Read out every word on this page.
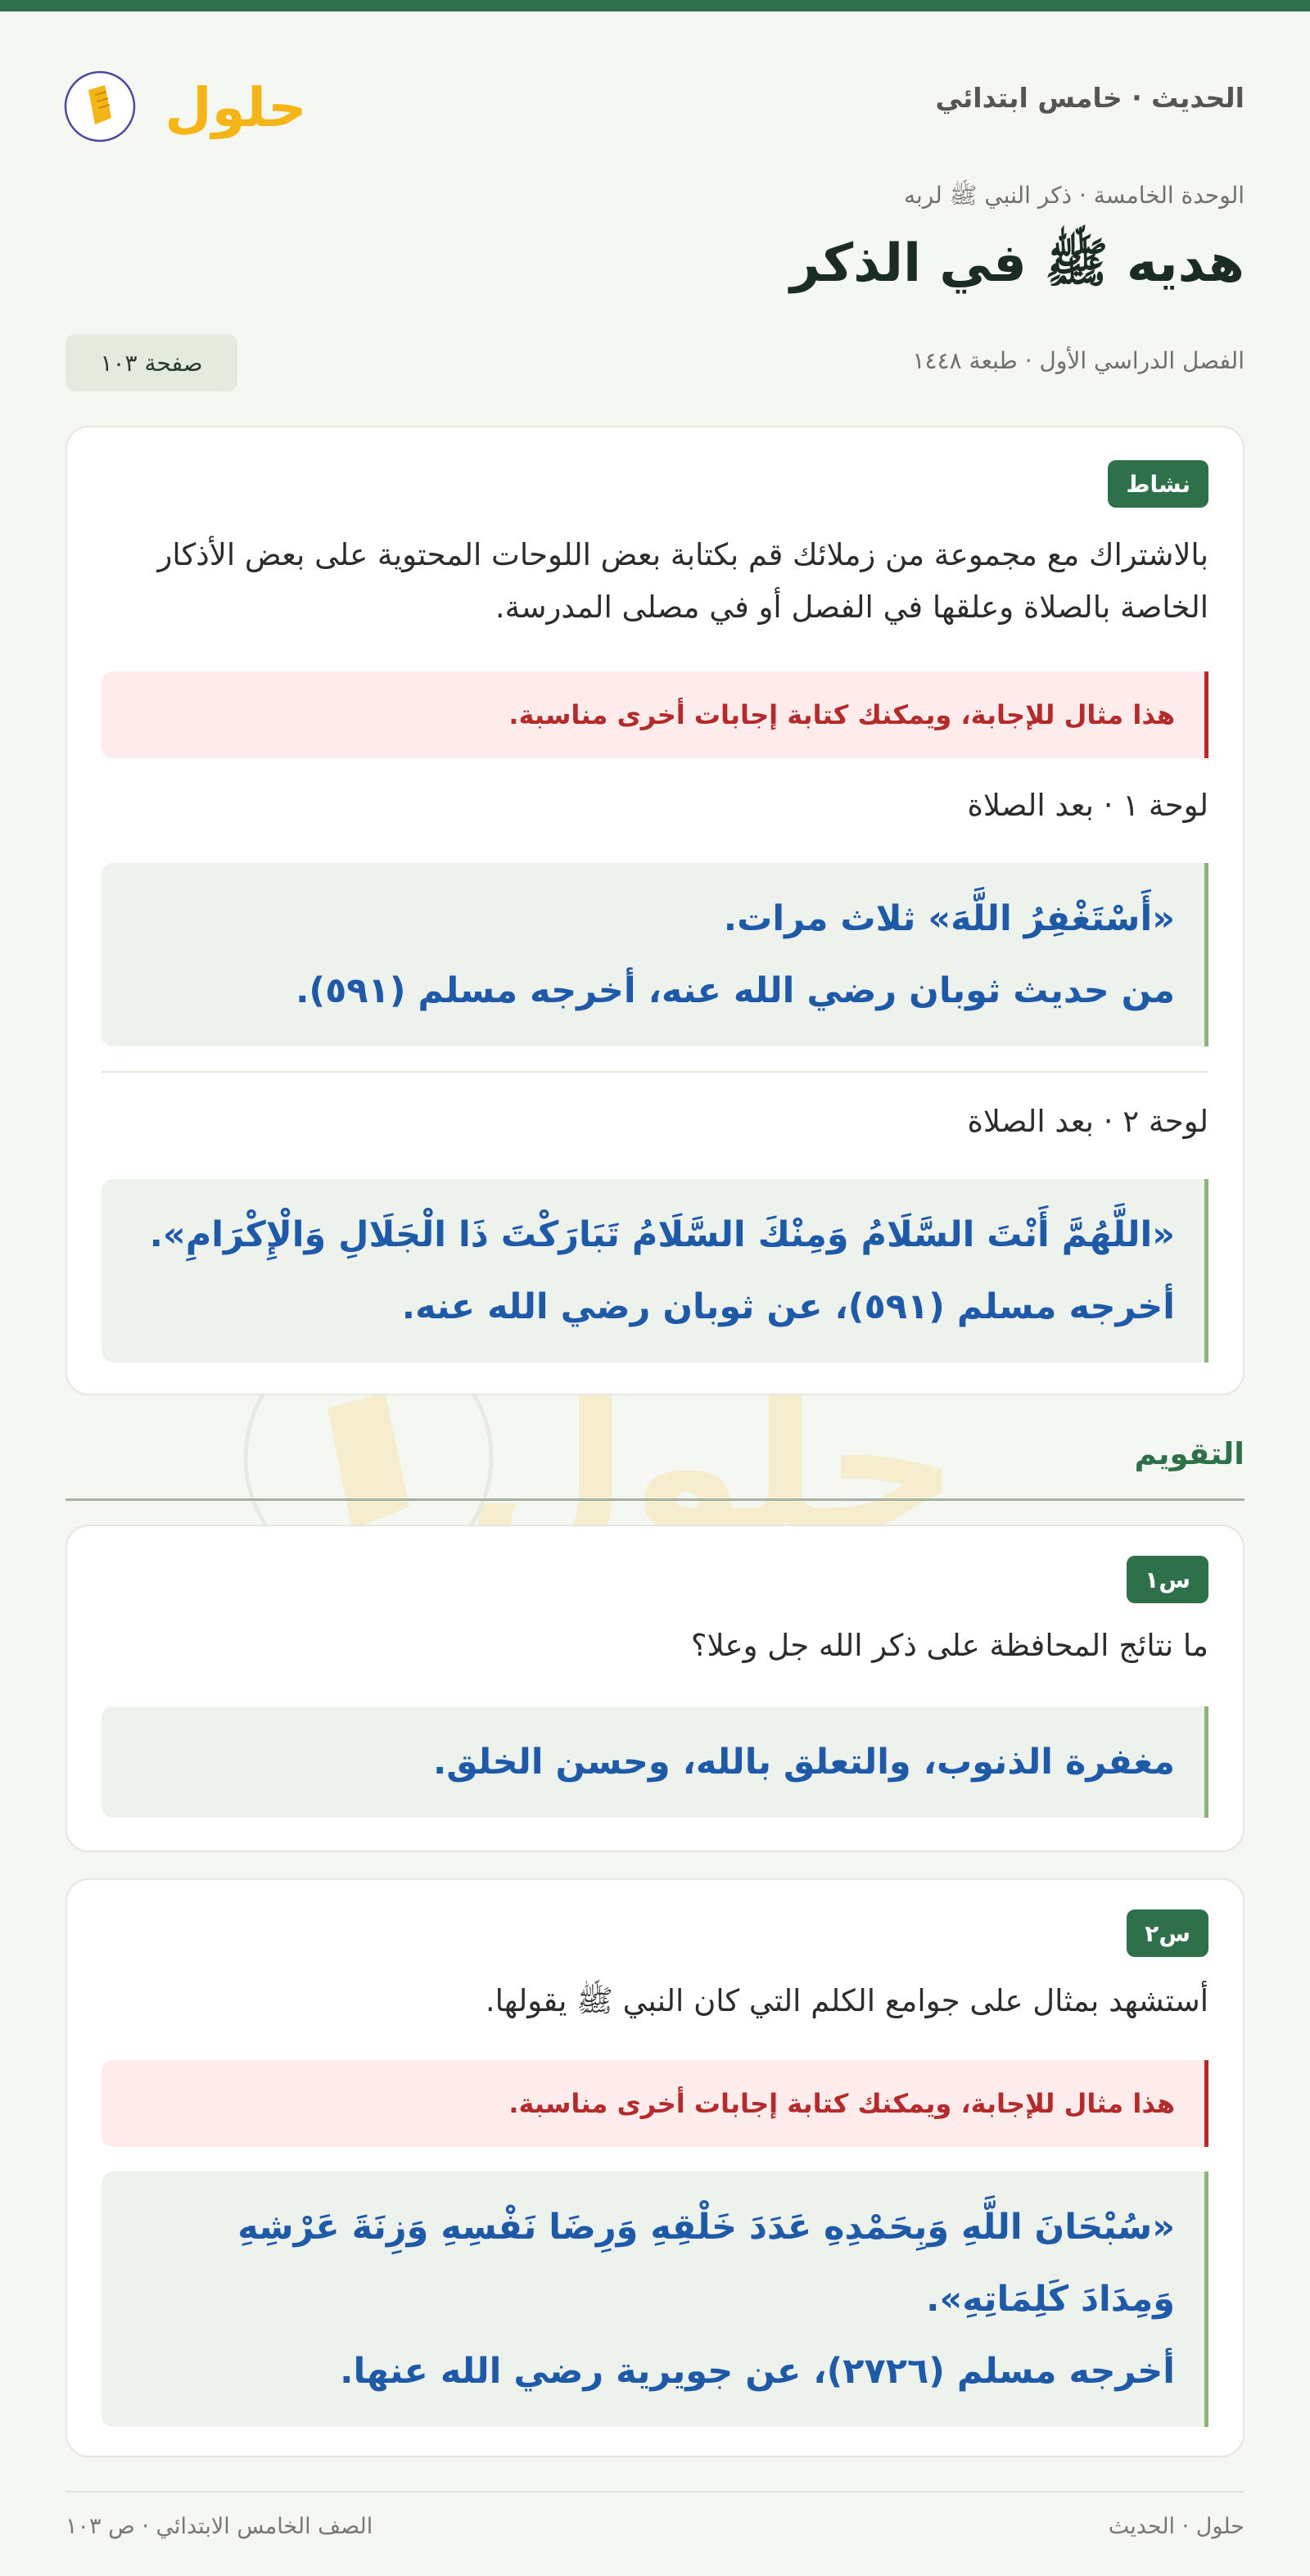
الحديث · خامس ابتدائي
حلول
الوحدة الخامسة · ذكر النبي ﷺ لربه
هديه ﷺ في الذكر
الفصل الدراسي الأول · طبعة ١٤٤٨
صفحة ١٠٣
حلول
نشاط
بالاشتراك مع مجموعة من زملائك قم بكتابة بعض اللوحات المحتوية على بعض الأذكار الخاصة بالصلاة وعلقها في الفصل أو في مصلى المدرسة.
هذا مثال للإجابة، ويمكنك كتابة إجابات أخرى مناسبة.
لوحة ١ · بعد الصلاة
«أَسْتَغْفِرُ اللَّهَ» ثلاث مرات.
من حديث ثوبان رضي الله عنه، أخرجه مسلم (٥٩١).
لوحة ٢ · بعد الصلاة
«اللَّهُمَّ أَنْتَ السَّلَامُ وَمِنْكَ السَّلَامُ تَبَارَكْتَ ذَا الْجَلَالِ وَالْإِكْرَامِ».
أخرجه مسلم (٥٩١)، عن ثوبان رضي الله عنه.
التقويم
س١
ما نتائج المحافظة على ذكر الله جل وعلا؟
مغفرة الذنوب، والتعلق بالله، وحسن الخلق.
س٢
أستشهد بمثال على جوامع الكلم التي كان النبي ﷺ يقولها.
هذا مثال للإجابة، ويمكنك كتابة إجابات أخرى مناسبة.
«سُبْحَانَ اللَّهِ وَبِحَمْدِهِ عَدَدَ خَلْقِهِ وَرِضَا نَفْسِهِ وَزِنَةَ عَرْشِهِ وَمِدَادَ كَلِمَاتِهِ».
أخرجه مسلم (٢٧٢٦)، عن جويرية رضي الله عنها.
حلول · الحديث
الصف الخامس الابتدائي · ص ١٠٣
